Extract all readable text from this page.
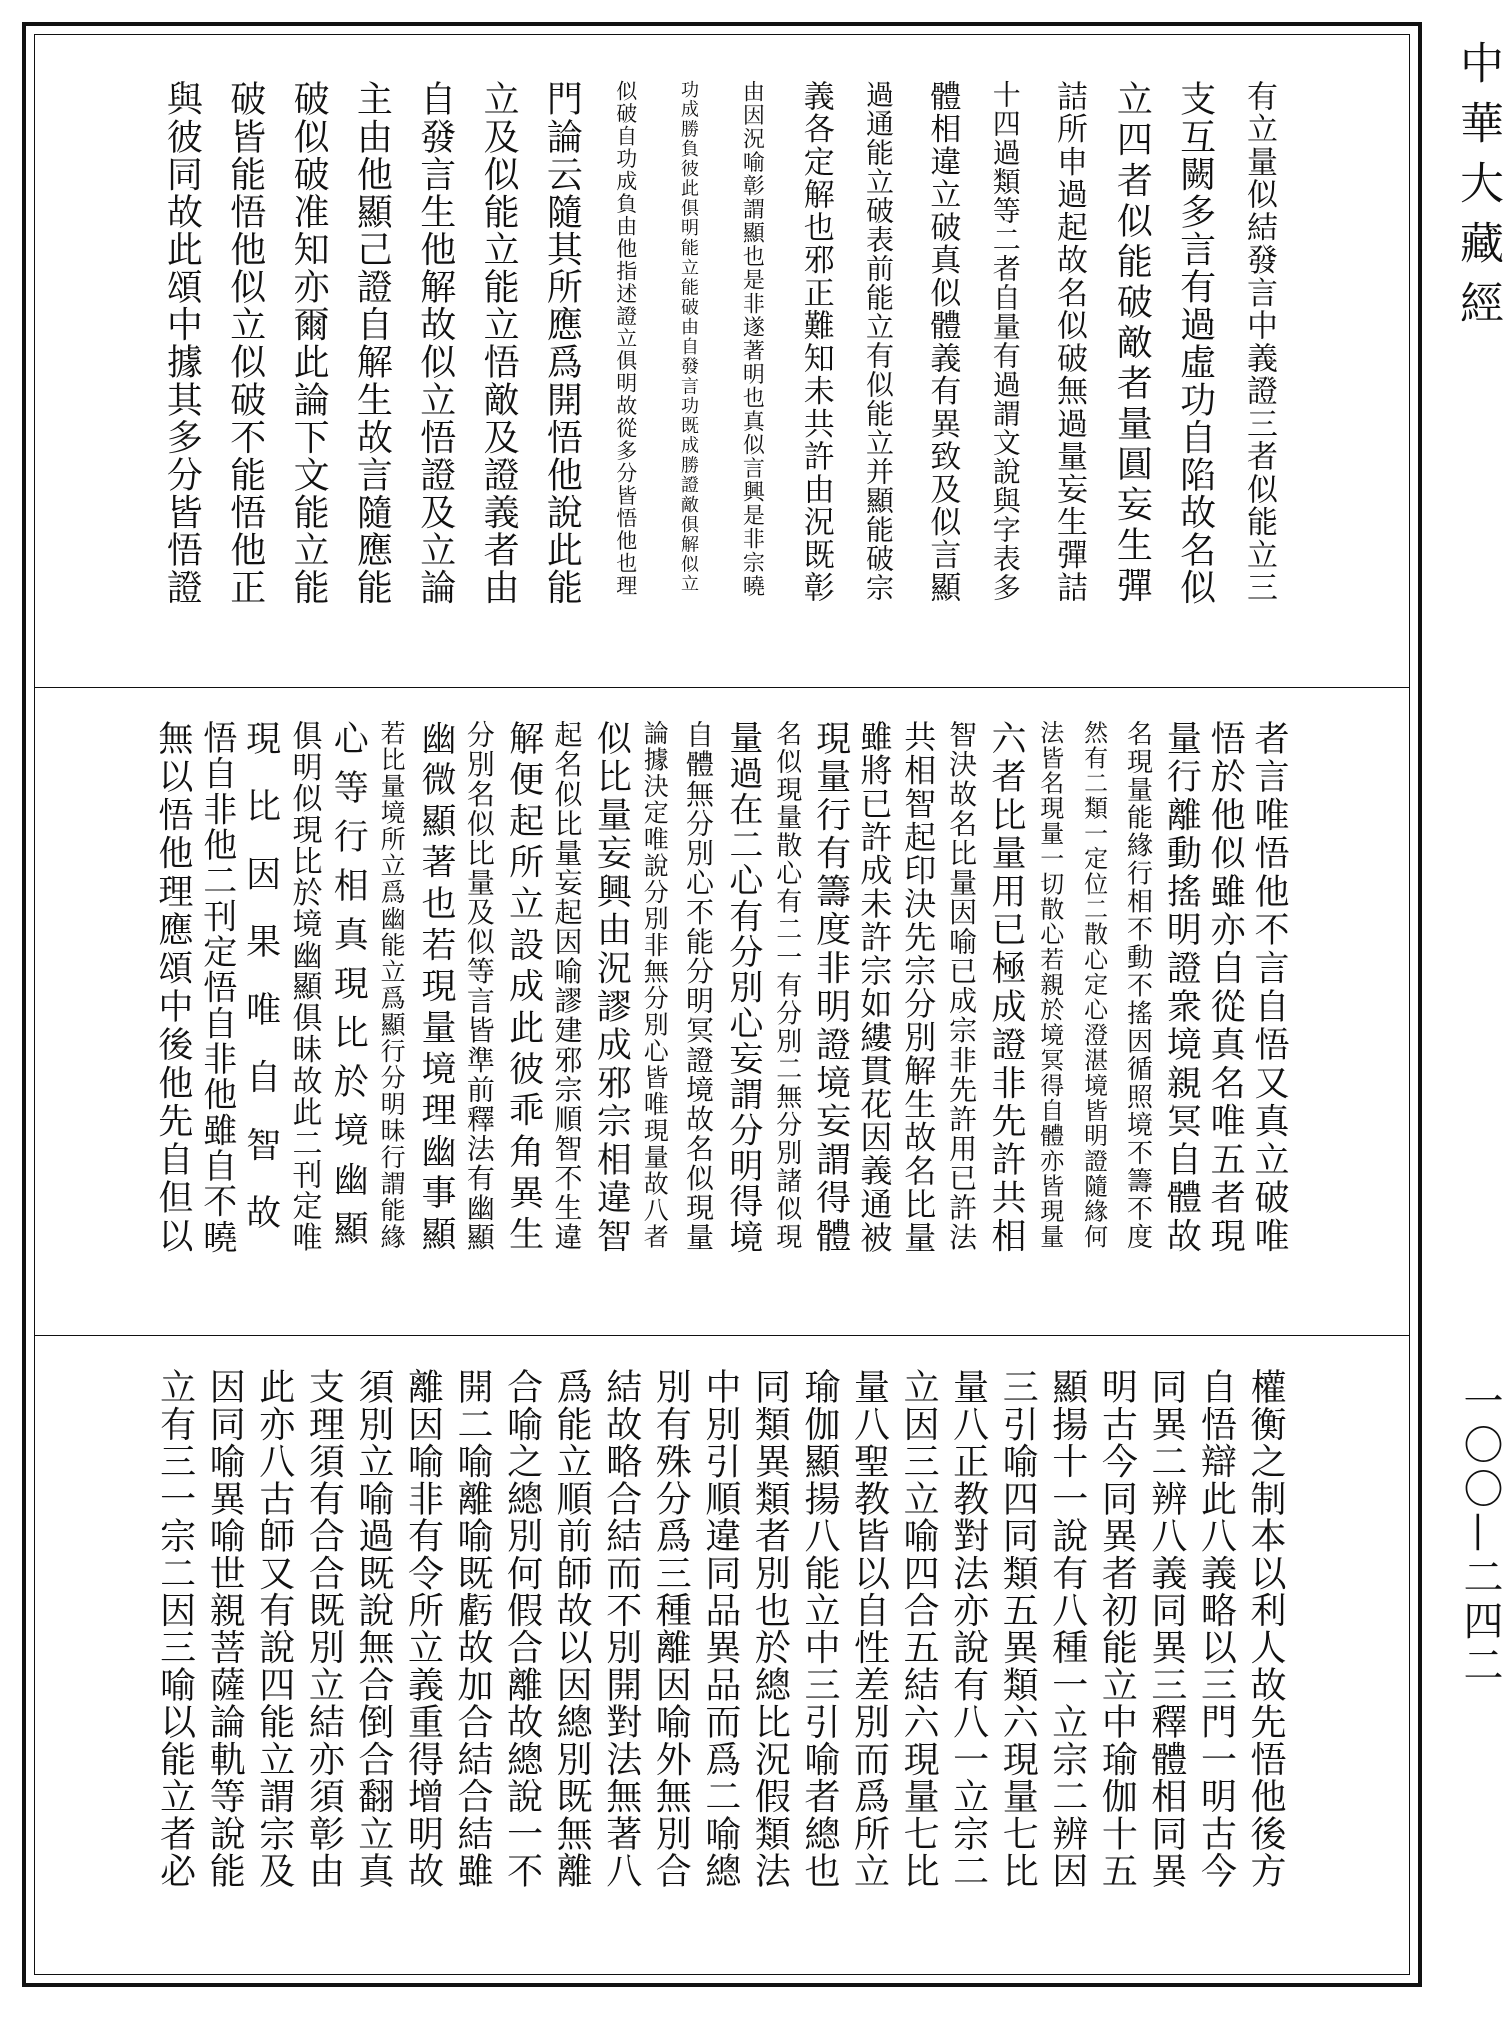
有立量似結發言中義證三者似能立三
支互闕多言有過虛功自陷故名似
立四者似能破敵者量圓妄生彈
詰所申過起故名似破無過量妄生彈詰
十四過類等二者自量有過謂文說與字表多
體相違立破真似體義有異致及似言顯
過通能立破表前能立有似能立并顯能破宗
義各定解也邪正難知未共許由況既彰
由因況喻彰謂顯也是非遂著明也真似言興是非宗曉
功成勝負彼此俱明能立能破由自發言功既成勝證敵俱解似立
似破自功成負由他指述證立俱明故從多分皆悟他也理
門論云隨其所應爲開悟他說此能
立及似能立能立悟敵及證義者由
自發言生他解故似立悟證及立論
主由他顯己證自解生故言隨應能
破似破准知亦爾此論下文能立能
破皆能悟他似立似破不能悟他正
與彼同故此頌中據其多分皆悟證
者言唯悟他不言自悟又真立破唯
悟於他似雖亦自從真名唯五者現
量行離動搖明證衆境親冥自體故
名現量能緣行相不動不搖因循照境不籌不度
然有二類一定位二散心定心澄湛境皆明證隨緣何
法皆名現量一切散心若親於境冥得自體亦皆現量
六者比量用已極成證非先許共相
智決故名比量因喻已成宗非先許用已許法
共相智起印決先宗分別解生故名比量
雖將已許成未許宗如縷貫花因義通被
現量行有籌度非明證境妄謂得體
名似現量散心有二一有分別二無分別諸似現
量過在二心有分別心妄謂分明得境
自體無分別心不能分明冥證境故名似現量
論據決定唯說分別非無分別心皆唯現量故八者
似比量妄興由況謬成邪宗相違智
起名似比量妄起因喻謬建邪宗順智不生違
解便起所立設成此彼乖角異生
分別名似比量及似等言皆準前釋法有幽顯
幽微顯著也若現量境理幽事顯
若比量境所立爲幽能立爲顯行分明昧行謂能緣
心等行相真現比於境幽顯
俱明似現比於境幽顯俱昧故此二刊定唯
現比因果唯自智故
悟自非他二刊定悟自非他雖自不曉
無以悟他理應頌中後他先自但以
權衡之制本以利人故先悟他後方
自悟辯此八義略以三門一明古今
同異二辨八義同異三釋體相同異
明古今同異者初能立中瑜伽十五
顯揚十一說有八種一立宗二辨因
三引喻四同類五異類六現量七比
量八正教對法亦說有八一立宗二
立因三立喻四合五結六現量七比
量八聖教皆以自性差別而爲所立
瑜伽顯揚八能立中三引喻者總也
同類異類者別也於總比況假類法
中別引順違同品異品而爲二喻總
別有殊分爲三種離因喻外無別合
結故略合結而不別開對法無著八
爲能立順前師故以因總別既無離
合喻之總別何假合離故總說一不
開二喻離喻既虧故加合結合結雖
離因喻非有令所立義重得增明故
須別立喻過既說無合倒合翻立真
支理須有合合既別立結亦須彰由
此亦八古師又有說四能立謂宗及
因同喻異喻世親菩薩論軌等說能
立有三一宗二因三喻以能立者必
中華大藏經
一〇〇—二四二
